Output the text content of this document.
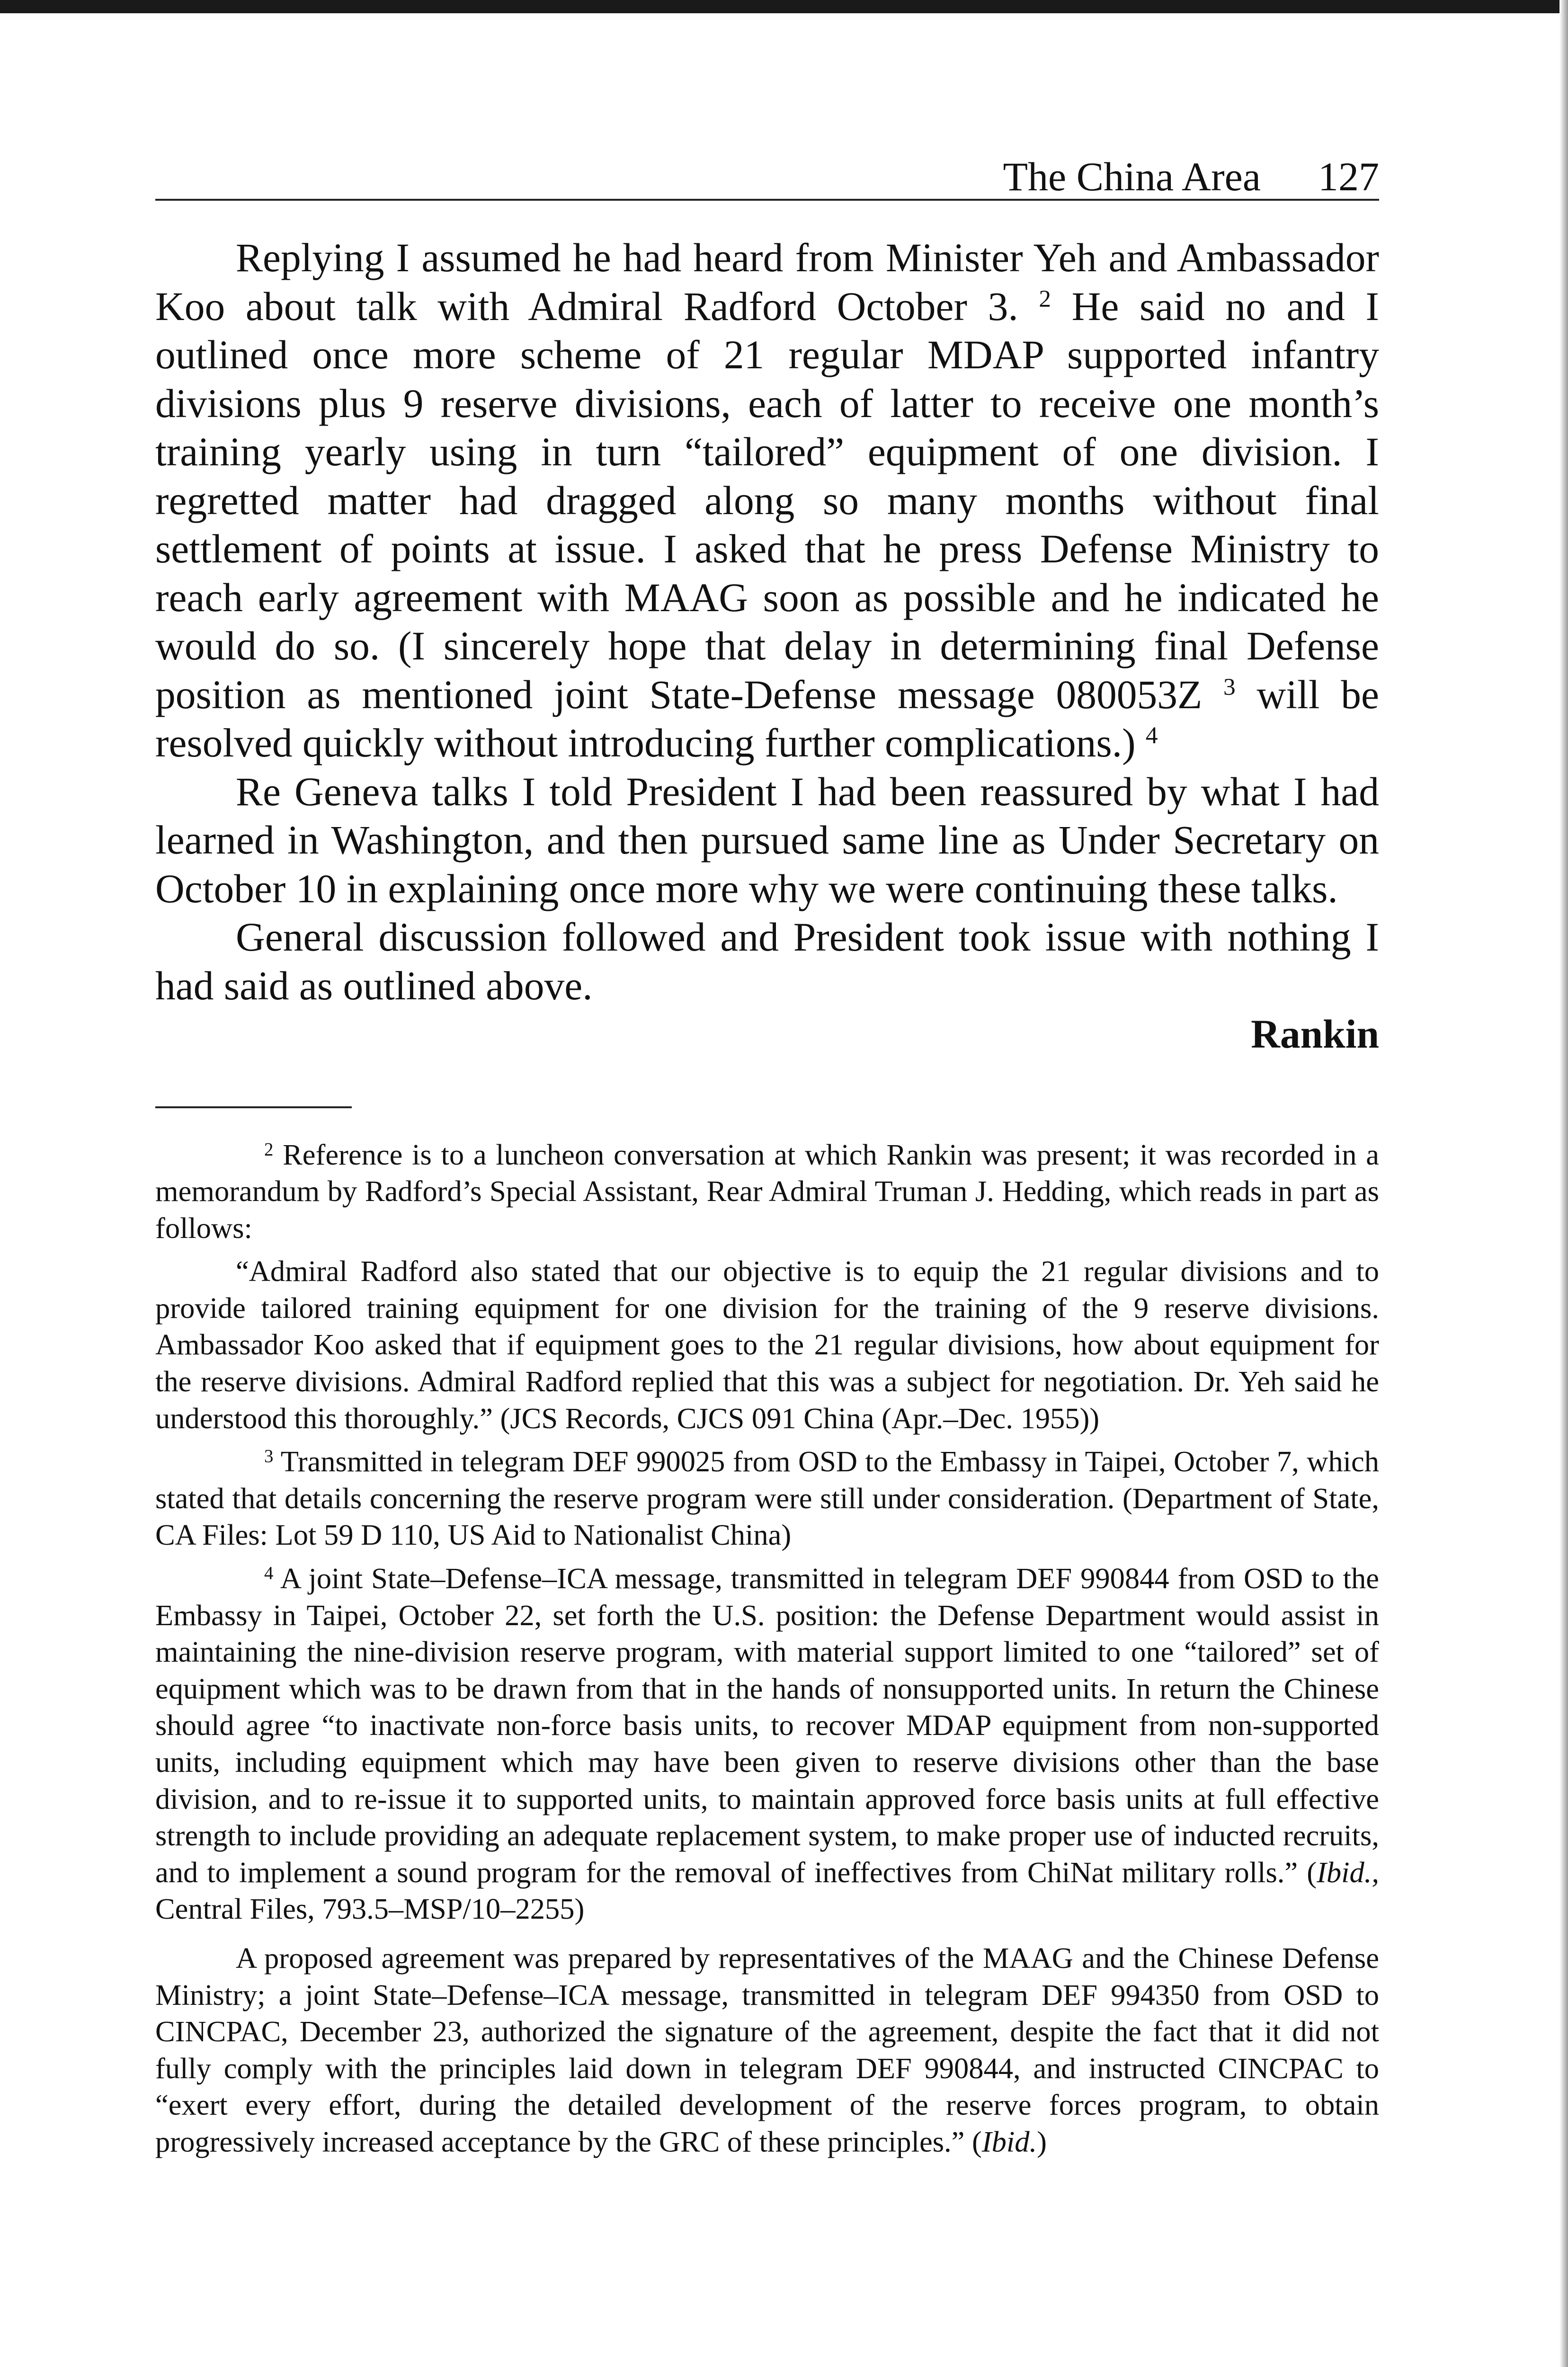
The China Area 127

Replying I assumed he had heard from Minister Yeh and Ambassador Koo about talk with Admiral Radford October 3. $^2$ He said no and I outlined once more scheme of 21 regular MDAP supported infantry divisions plus 9 reserve divisions, each of latter to receive one month’s training yearly using in turn “tailored” equipment of one division. I regretted matter had dragged along so many months without final settlement of points at issue. I asked that he press Defense Ministry to reach early agreement with MAAG soon as possible and he indicated he would do so. (I sincerely hope that delay in determining final Defense position as mentioned joint State-Defense message 080053Z $^3$ will be resolved quickly without introducing further complications.) $^4$

Re Geneva talks I told President I had been reassured by what I had learned in Washington, and then pursued same line as Under Secretary on October 10 in explaining once more why we were continuing these talks.

General discussion followed and President took issue with nothing I had said as outlined above.

Rankin

$^2$ Reference is to a luncheon conversation at which Rankin was present; it was recorded in a memorandum by Radford’s Special Assistant, Rear Admiral Truman J. Hedding, which reads in part as follows:

“Admiral Radford also stated that our objective is to equip the 21 regular divisions and to provide tailored training equipment for one division for the training of the 9 reserve divisions. Ambassador Koo asked that if equipment goes to the 21 regular divisions, how about equipment for the reserve divisions. Admiral Radford replied that this was a subject for negotiation. Dr. Yeh said he understood this thoroughly.” (JCS Records, CJCS 091 China (Apr.–Dec. 1955))

$^3$ Transmitted in telegram DEF 990025 from OSD to the Embassy in Taipei, October 7, which stated that details concerning the reserve program were still under consideration. (Department of State, CA Files: Lot 59 D 110, US Aid to Nationalist China)

$^4$ A joint State–Defense–ICA message, transmitted in telegram DEF 990844 from OSD to the Embassy in Taipei, October 22, set forth the U.S. position: the Defense Department would assist in maintaining the nine-division reserve program, with material support limited to one “tailored” set of equipment which was to be drawn from that in the hands of nonsupported units. In return the Chinese should agree “to inactivate non-force basis units, to recover MDAP equipment from non-supported units, including equipment which may have been given to reserve divisions other than the base division, and to re-issue it to supported units, to maintain approved force basis units at full effective strength to include providing an adequate replacement system, to make proper use of inducted recruits, and to implement a sound program for the removal of ineffectives from ChiNat military rolls.” (Ibid., Central Files, 793.5–MSP/10–2255)

A proposed agreement was prepared by representatives of the MAAG and the Chinese Defense Ministry; a joint State–Defense–ICA message, transmitted in telegram DEF 994350 from OSD to CINCPAC, December 23, authorized the signature of the agreement, despite the fact that it did not fully comply with the principles laid down in telegram DEF 990844, and instructed CINCPAC to “exert every effort, during the detailed development of the reserve forces program, to obtain progressively increased acceptance by the GRC of these principles.” (Ibid.)
